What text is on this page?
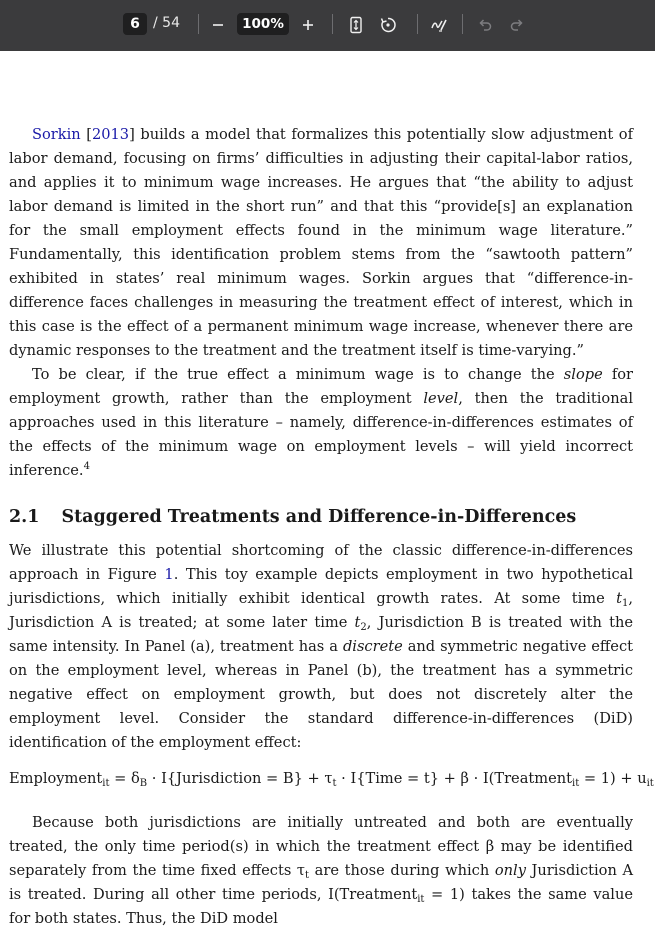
6 / 54	100%

Sorkin [2013] builds a model that formalizes this potentially slow adjustment of labor demand, focusing on firms’ difficulties in adjusting their capital-labor ratios, and applies it to minimum wage increases. He argues that “the ability to adjust labor demand is limited in the short run” and that this “provide[s] an explanation for the small employment effects found in the minimum wage literature.” Fundamentally, this identification problem stems from the “sawtooth pattern” exhibited in states’ real minimum wages. Sorkin argues that “difference-in-difference faces challenges in measuring the treatment effect of interest, which in this case is the effect of a permanent minimum wage increase, whenever there are dynamic responses to the treatment and the treatment itself is time-varying.”

To be clear, if the true effect a minimum wage is to change the slope for employment growth, rather than the employment level, then the traditional approaches used in this literature – namely, difference-in-differences estimates of the effects of the minimum wage on employment levels – will yield incorrect inference.$^4$

2.1 Staggered Treatments and Difference-in-Differences

We illustrate this potential shortcoming of the classic difference-in-differences approach in Figure 1. This toy example depicts employment in two hypothetical jurisdictions, which initially exhibit identical growth rates. At some time $t_1$, Jurisdiction A is treated; at some later time $t_2$, Jurisdiction B is treated with the same intensity. In Panel (a), treatment has a discrete and symmetric negative effect on the employment level, whereas in Panel (b), the treatment has a symmetric negative effect on employment growth, but does not discretely alter the employment level. Consider the standard difference-in-differences (DiD) identification of the employment effect:

Employment$_{it}$ = $\delta_B$ · I{Jurisdiction = $B\} + \tau_t$ · I{Time = t} + β · I(Treatment$_{it}$ = $1) + u_{it}$

Because both jurisdictions are initially untreated and both are eventually treated, the only time period(s) in which the treatment effect β may be identified separately from the time fixed effects $\tau_t$ are those during which only Jurisdiction A is treated. During all other time periods, I(Treatment$_{it}$ = 1) takes the same value for both states. Thus, the DiD model
